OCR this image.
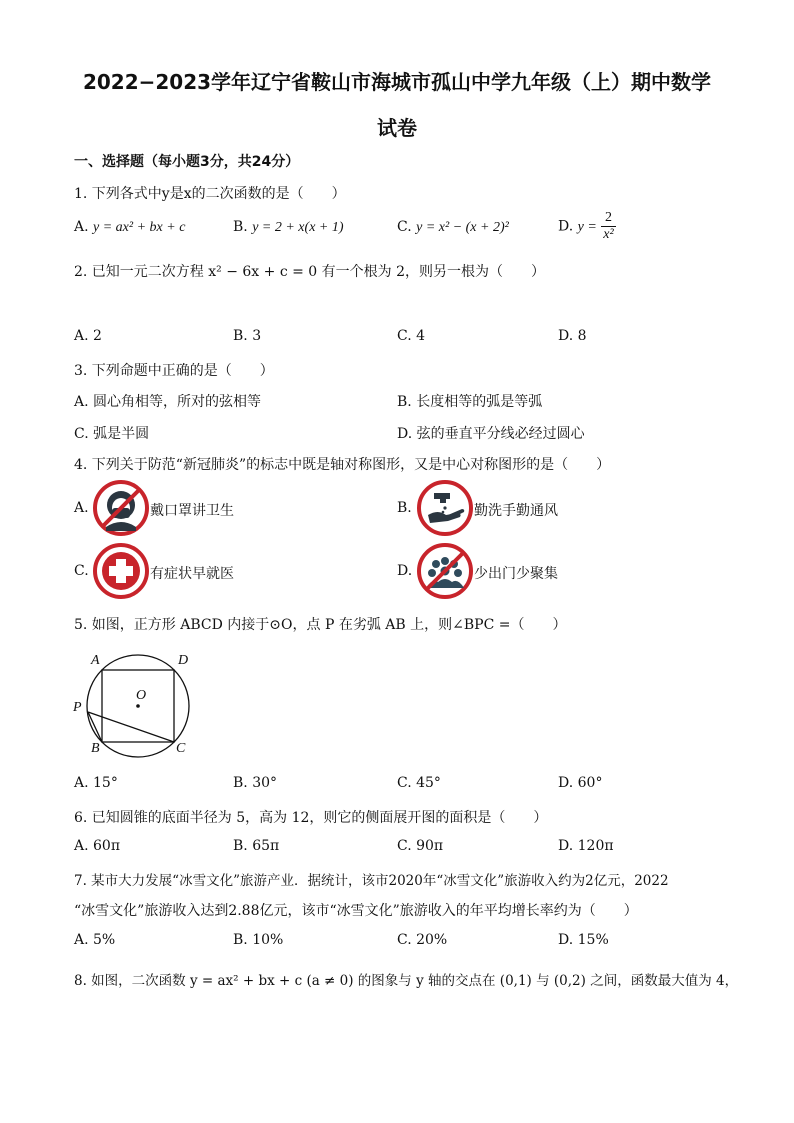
2022−2023学年辽宁省鞍山市海城市孤山中学九年级（上）期中数学
试卷
一、选择题（每小题3分，共24分）
1. 下列各式中y是x的二次函数的是（　　）
A. y = ax² + bx + c	B. y = 2 + x(x + 1)	C. y = x² − (x + 2)²	D. $y = \frac{2}{\text{x²}}$
2. 已知一元二次方程 x² − 6x + c = 0 有一个根为 2，则另一根为（　　）
A. 2	B. 3	C. 4	D. 8
3. 下列命题中正确的是（　　）
A. 圆心角相等，所对的弦相等	B. 长度相等的弧是等弧
C. 弧是半圆	D. 弦的垂直平分线必经过圆心
4. 下列关于防范“新冠肺炎”的标志中既是轴对称图形，又是中心对称图形的是（　　）
A.	戴口罩讲卫生	B.	勤洗手勤通风
C.	有症状早就医	D.	少出门少聚集
5. 如图，正方形 ABCD 内接于⊙O，点 P 在劣弧 AB 上，则∠BPC =（　　）
A	D
O
P
B	C
A. 15°	B. 30°	C. 45°	D. 60°
6. 已知圆锥的底面半径为 5，高为 12，则它的侧面展开图的面积是（　　）
A. 60π	B. 65π	C. 90π	D. 120π
7. 某市大力发展“冰雪文化”旅游产业．据统计，该市2020年“冰雪文化”旅游收入约为2亿元，2022
“冰雪文化”旅游收入达到2.88亿元，该市“冰雪文化”旅游收入的年平均增长率约为（　　）
A. 5%	B. 10%	C. 20%	D. 15%
8. 如图，二次函数 y = ax² + bx + c (a ≠ 0) 的图象与 y 轴的交点在 (0,1) 与 (0,2) 之间，函数最大值为 4，
